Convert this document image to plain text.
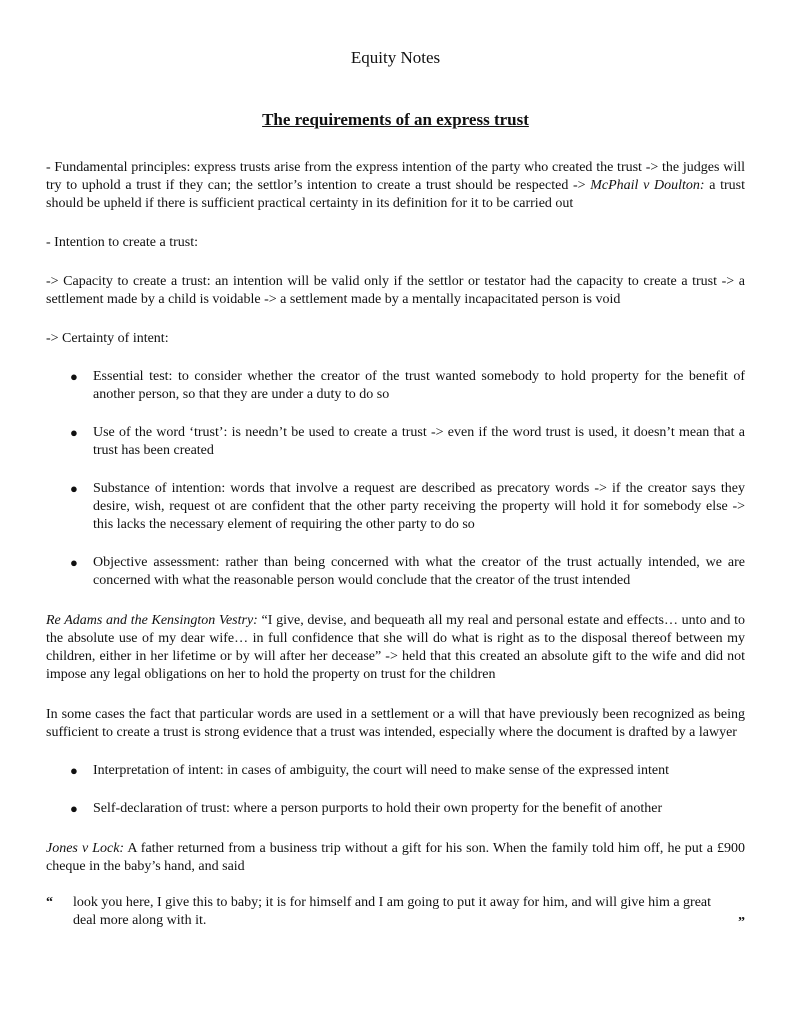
Equity Notes
The requirements of an express trust

- Fundamental principles: express trusts arise from the express intention of the party who created the trust -> the judges will try to uphold a trust if they can; the settlor’s intention to create a trust should be respected -> McPhail v Doulton: a trust should be upheld if there is sufficient practical certainty in its definition for it to be carried out

- Intention to create a trust:

-> Capacity to create a trust: an intention will be valid only if the settlor or testator had the capacity to create a trust -> a settlement made by a child is voidable -> a settlement made by a mentally incapacitated person is void

-> Certainty of intent:

● Essential test: to consider whether the creator of the trust wanted somebody to hold property for the benefit of another person, so that they are under a duty to do so
● Use of the word ‘trust’: is needn’t be used to create a trust -> even if the word trust is used, it doesn’t mean that a trust has been created
● Substance of intention: words that involve a request are described as precatory words -> if the creator says they desire, wish, request ot are confident that the other party receiving the property will hold it for somebody else -> this lacks the necessary element of requiring the other party to do so
● Objective assessment: rather than being concerned with what the creator of the trust actually intended, we are concerned with what the reasonable person would conclude that the creator of the trust intended

Re Adams and the Kensington Vestry: “I give, devise, and bequeath all my real and personal estate and effects… unto and to the absolute use of my dear wife… in full confidence that she will do what is right as to the disposal thereof between my children, either in her lifetime or by will after her decease” -> held that this created an absolute gift to the wife and did not impose any legal obligations on her to hold the property on trust for the children

In some cases the fact that particular words are used in a settlement or a will that have previously been recognized as being sufficient to create a trust is strong evidence that a trust was intended, especially where the document is drafted by a lawyer

● Interpretation of intent: in cases of ambiguity, the court will need to make sense of the expressed intent
● Self-declaration of trust: where a person purports to hold their own property for the benefit of another

Jones v Lock: A father returned from a business trip without a gift for his son. When the family told him off, he put a £900 cheque in the baby’s hand, and said

“ look you here, I give this to baby; it is for himself and I am going to put it away for him, and will give him a great deal more along with it.	”
